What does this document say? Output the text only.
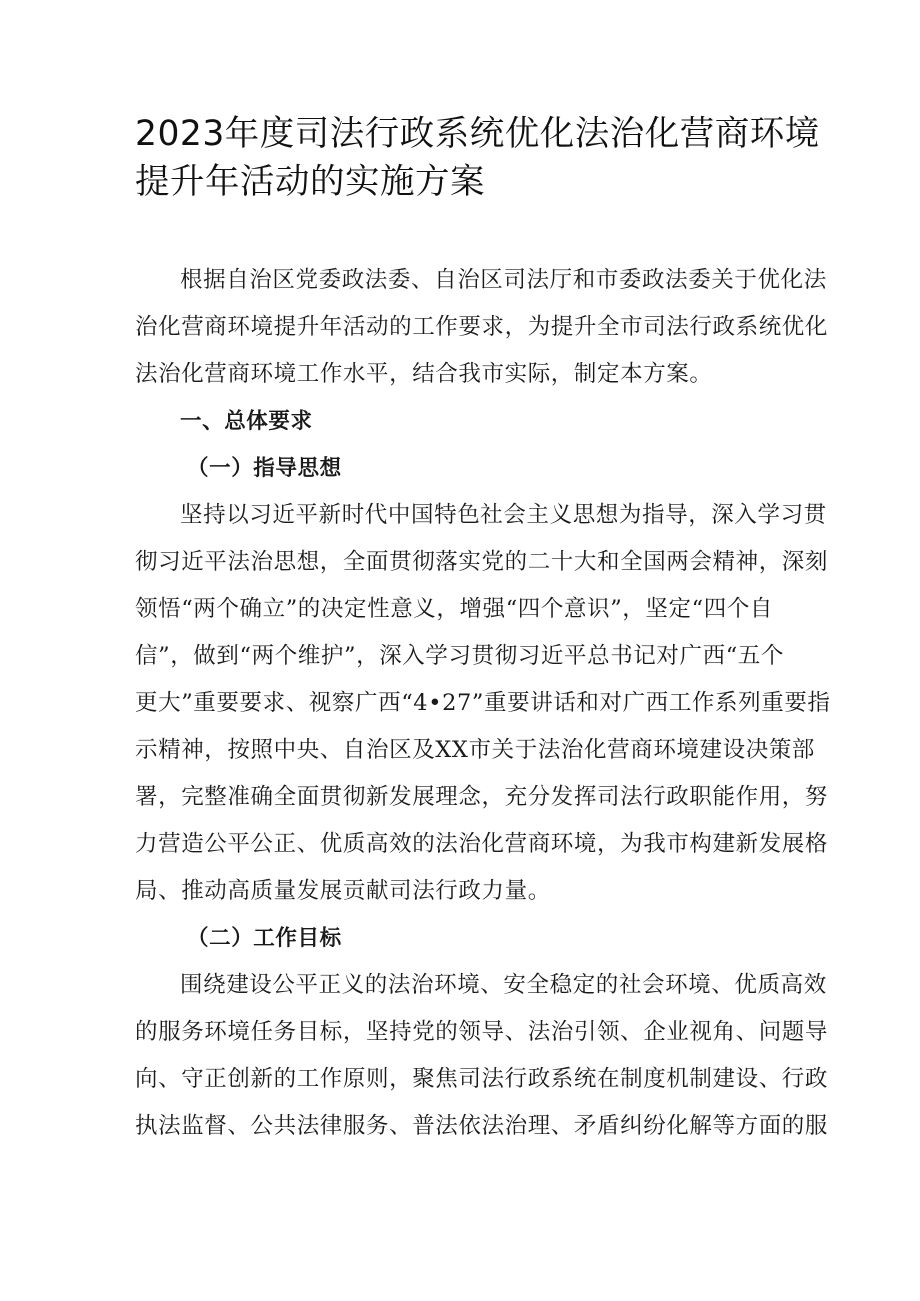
2023年度司法行政系统优化法治化营商环境
提升年活动的实施方案
根据自治区党委政法委、自治区司法厅和市委政法委关于优化法
治化营商环境提升年活动的工作要求，为提升全市司法行政系统优化
法治化营商环境工作水平，结合我市实际，制定本方案。
一、总体要求
（一）指导思想
坚持以习近平新时代中国特色社会主义思想为指导，深入学习贯
彻习近平法治思想，全面贯彻落实党的二十大和全国两会精神，深刻
领悟“两个确立”的决定性意义，增强“四个意识”，坚定“四个自
信”，做到“两个维护”，深入学习贯彻习近平总书记对广西“五个
更大”重要要求、视察广西“4•27”重要讲话和对广西工作系列重要指
示精神，按照中央、自治区及XX市关于法治化营商环境建设决策部
署，完整准确全面贯彻新发展理念，充分发挥司法行政职能作用，努
力营造公平公正、优质高效的法治化营商环境，为我市构建新发展格
局、推动高质量发展贡献司法行政力量。
（二）工作目标
围绕建设公平正义的法治环境、安全稳定的社会环境、优质高效
的服务环境任务目标，坚持党的领导、法治引领、企业视角、问题导
向、守正创新的工作原则，聚焦司法行政系统在制度机制建设、行政
执法监督、公共法律服务、普法依法治理、矛盾纠纷化解等方面的服
